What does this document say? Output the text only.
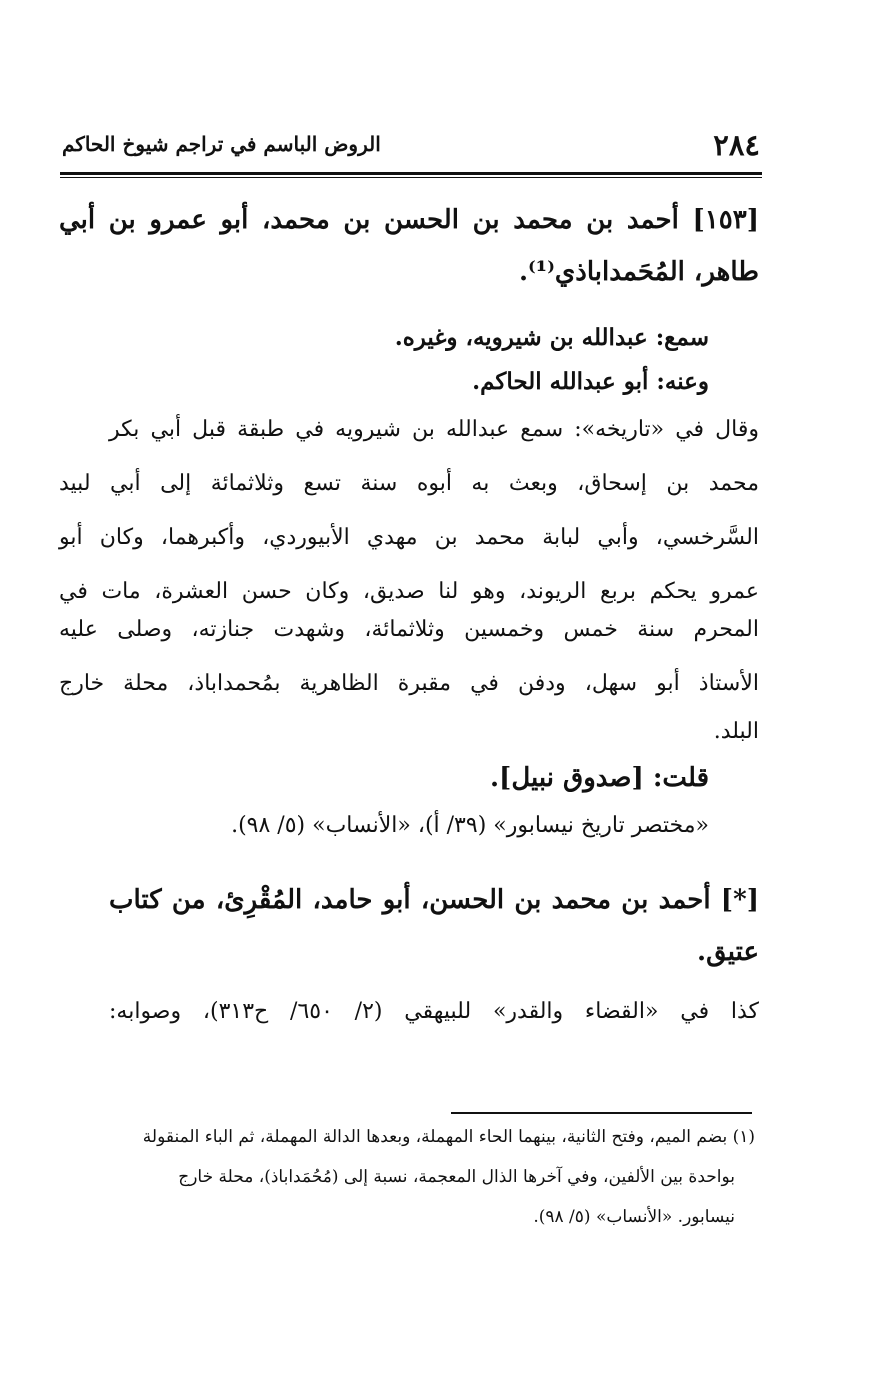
٢٨٤
الروض الباسم في تراجم شيوخ الحاكم
[١٥٣] أحمد بن محمد بن الحسن بن محمد، أبو عمرو بن أبي
طاهر، المُحَمداباذي⁽¹⁾.
سمع: عبدالله بن شيرويه، وغيره.
وعنه: أبو عبدالله الحاكم.
وقال في «تاريخه»: سمع عبدالله بن شيرويه في طبقة قبل أبي بكر
محمد بن إسحاق، وبعث به أبوه سنة تسع وثلاثمائة إلى أبي لبيد
السَّرخسي، وأبي لبابة محمد بن مهدي الأبيوردي، وأكبرهما، وكان أبو
عمرو يحكم بربع الريوند، وهو لنا صديق، وكان حسن العشرة، مات في
المحرم سنة خمس وخمسين وثلاثمائة، وشهدت جنازته، وصلى عليه
الأستاذ أبو سهل، ودفن في مقبرة الظاهرية بمُحمداباذ، محلة خارج
البلد.
قلت: [صدوق نبيل].
«مختصر تاريخ نيسابور» (٣٩/ أ)، «الأنساب» (٥/ ٩٨).
[*] أحمد بن محمد بن الحسن، أبو حامد، المُقْرِئ، من كتاب
عتيق.
كذا في «القضاء والقدر» للبيهقي (٢/ ٦٥٠/ ح٣١٣)، وصوابه:
(١) بضم الميم، وفتح الثانية، بينهما الحاء المهملة، وبعدها الدالة المهملة، ثم الباء المنقولة
بواحدة بين الألفين، وفي آخرها الذال المعجمة، نسبة إلى (مُحُمَداباذ)، محلة خارج
نيسابور. «الأنساب» (٥/ ٩٨).
